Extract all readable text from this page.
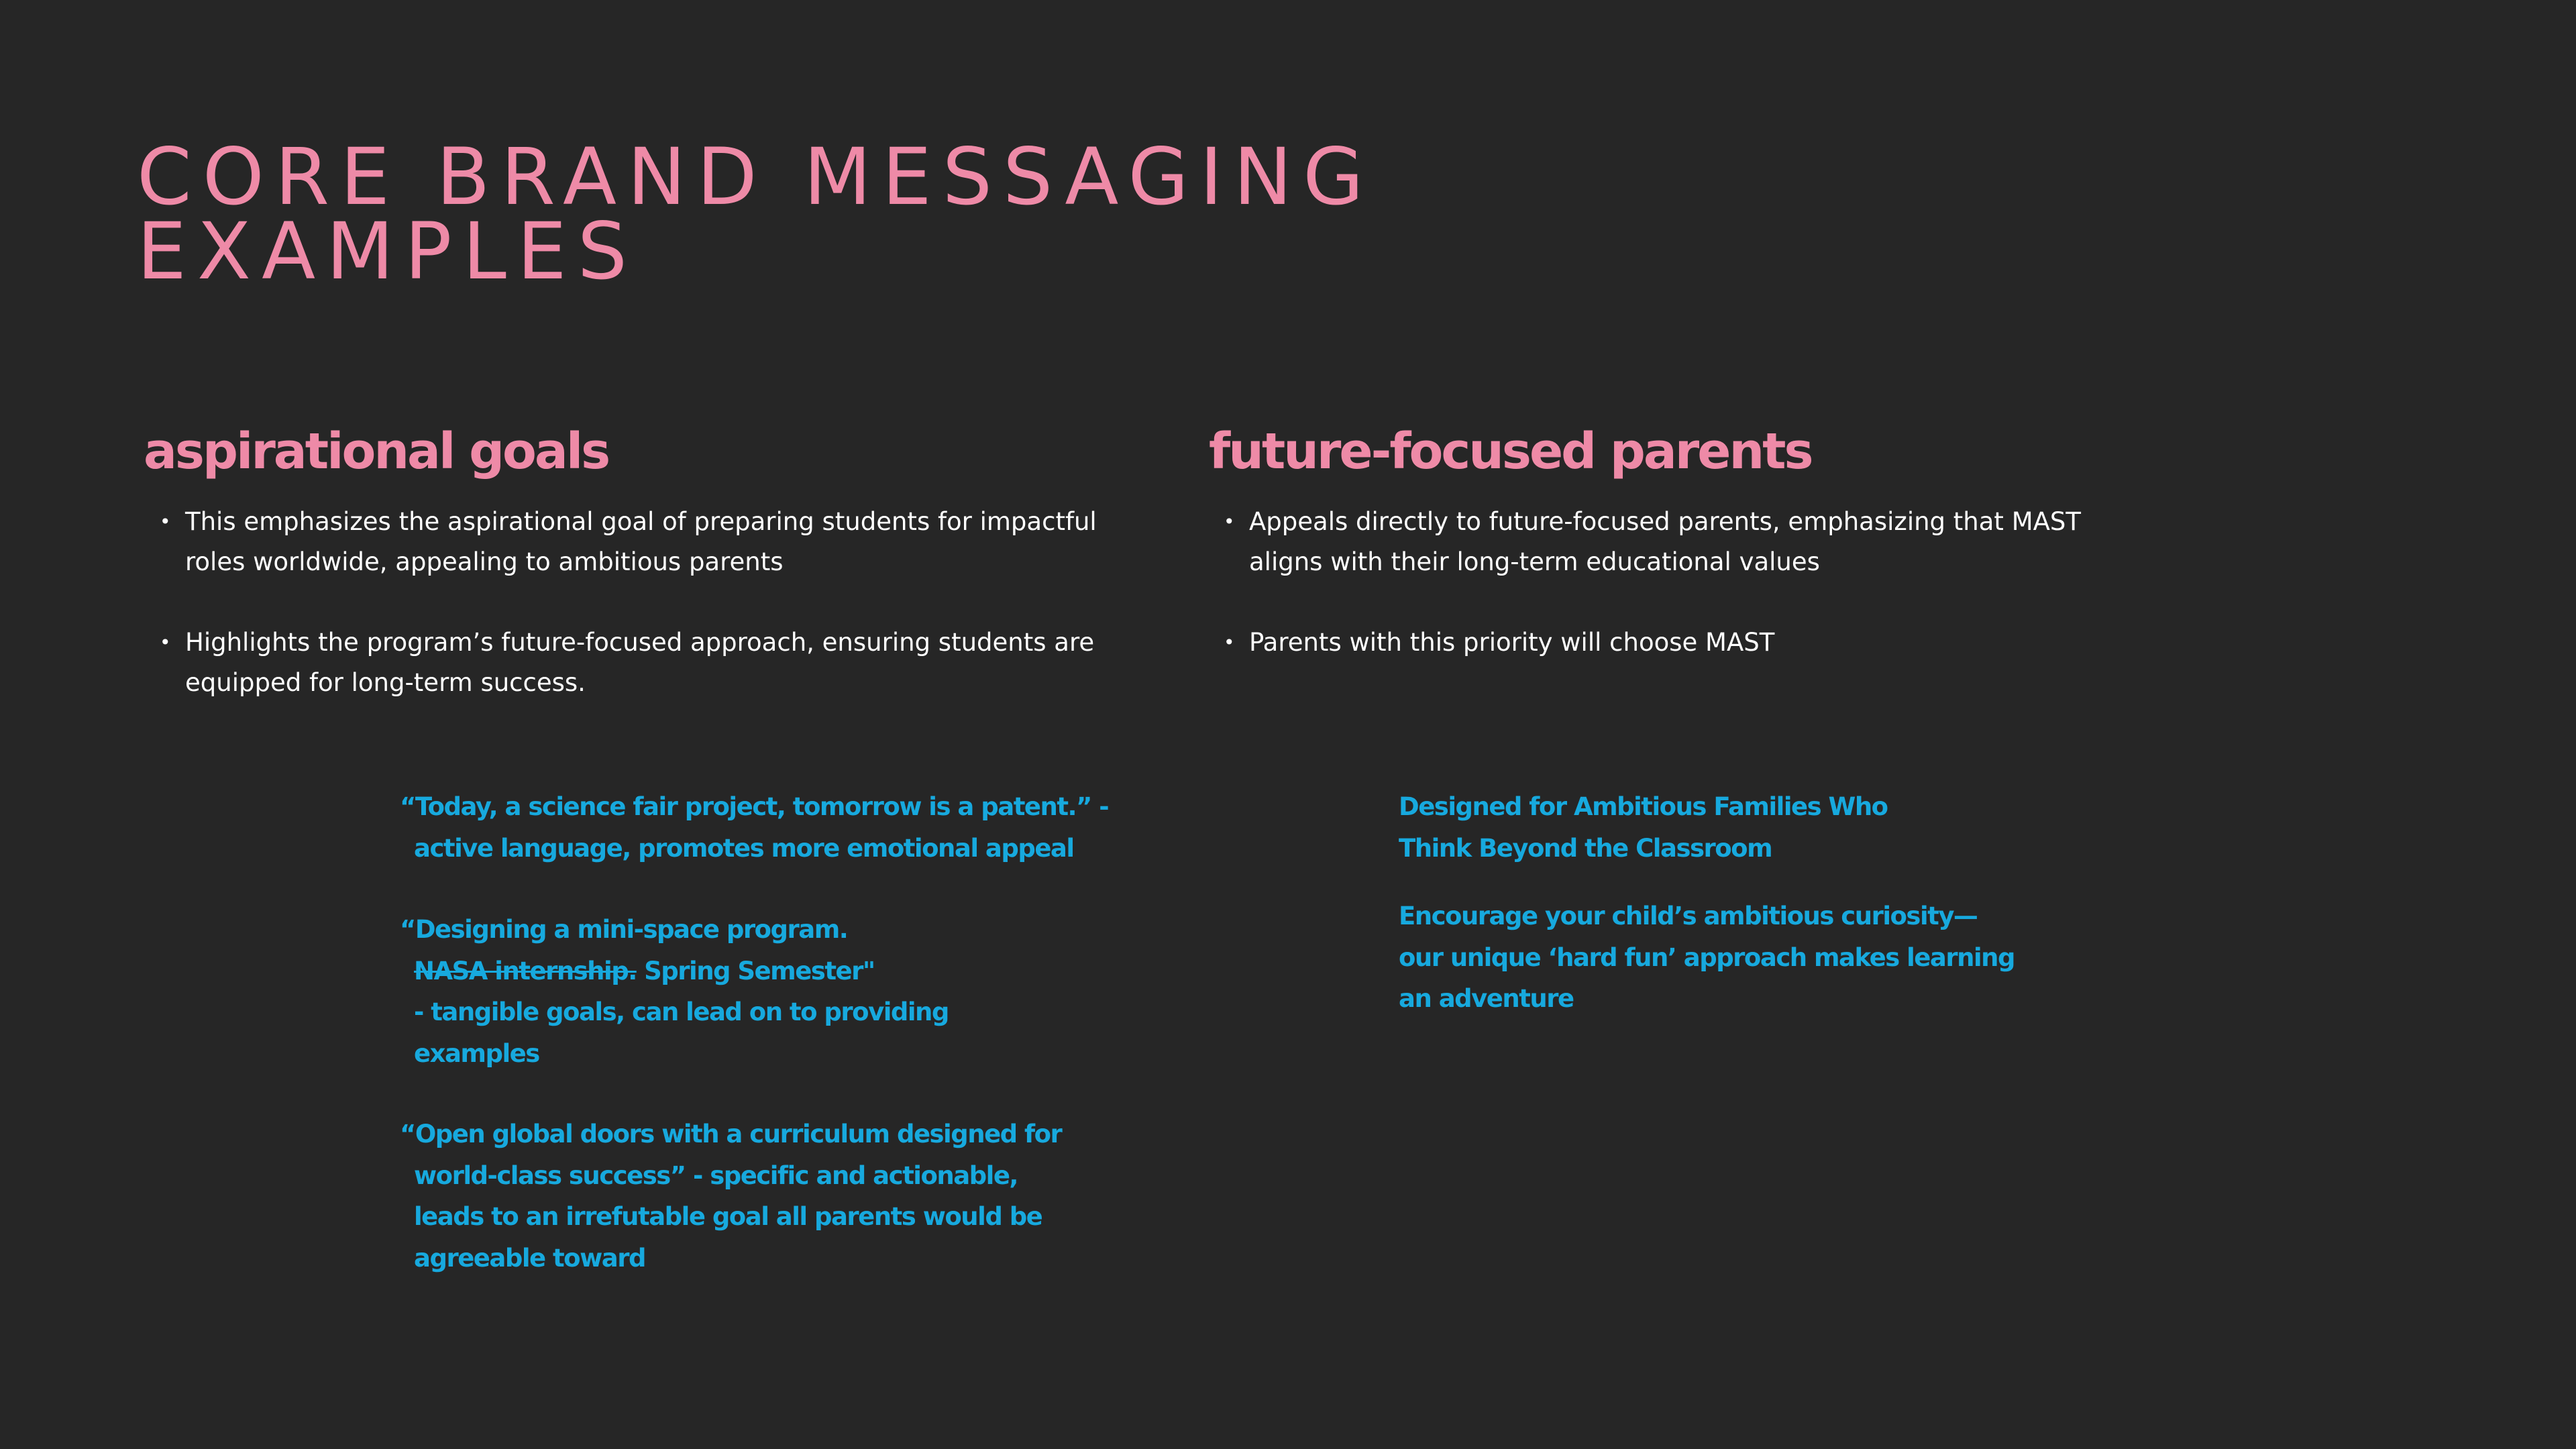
CORE BRAND MESSAGING
EXAMPLES
aspirational goals
• This emphasizes the aspirational goal of preparing students for impactful roles worldwide, appealing to ambitious parents
• Highlights the program’s future-focused approach, ensuring students are equipped for long-term success.
future-focused parents
• Appeals directly to future-focused parents, emphasizing that MAST aligns with their long-term educational values
• Parents with this priority will choose MAST
“Today, a science fair project, tomorrow is a patent.” -
active language, promotes more emotional appeal
“Designing a mini-space program.
NASA internship. Spring Semester"
- tangible goals, can lead on to providing
examples
“Open global doors with a curriculum designed for
world-class success” - specific and actionable,
leads to an irrefutable goal all parents would be
agreeable toward
Designed for Ambitious Families Who
Think Beyond the Classroom
Encourage your child’s ambitious curiosity—
our unique ‘hard fun’ approach makes learning
an adventure
